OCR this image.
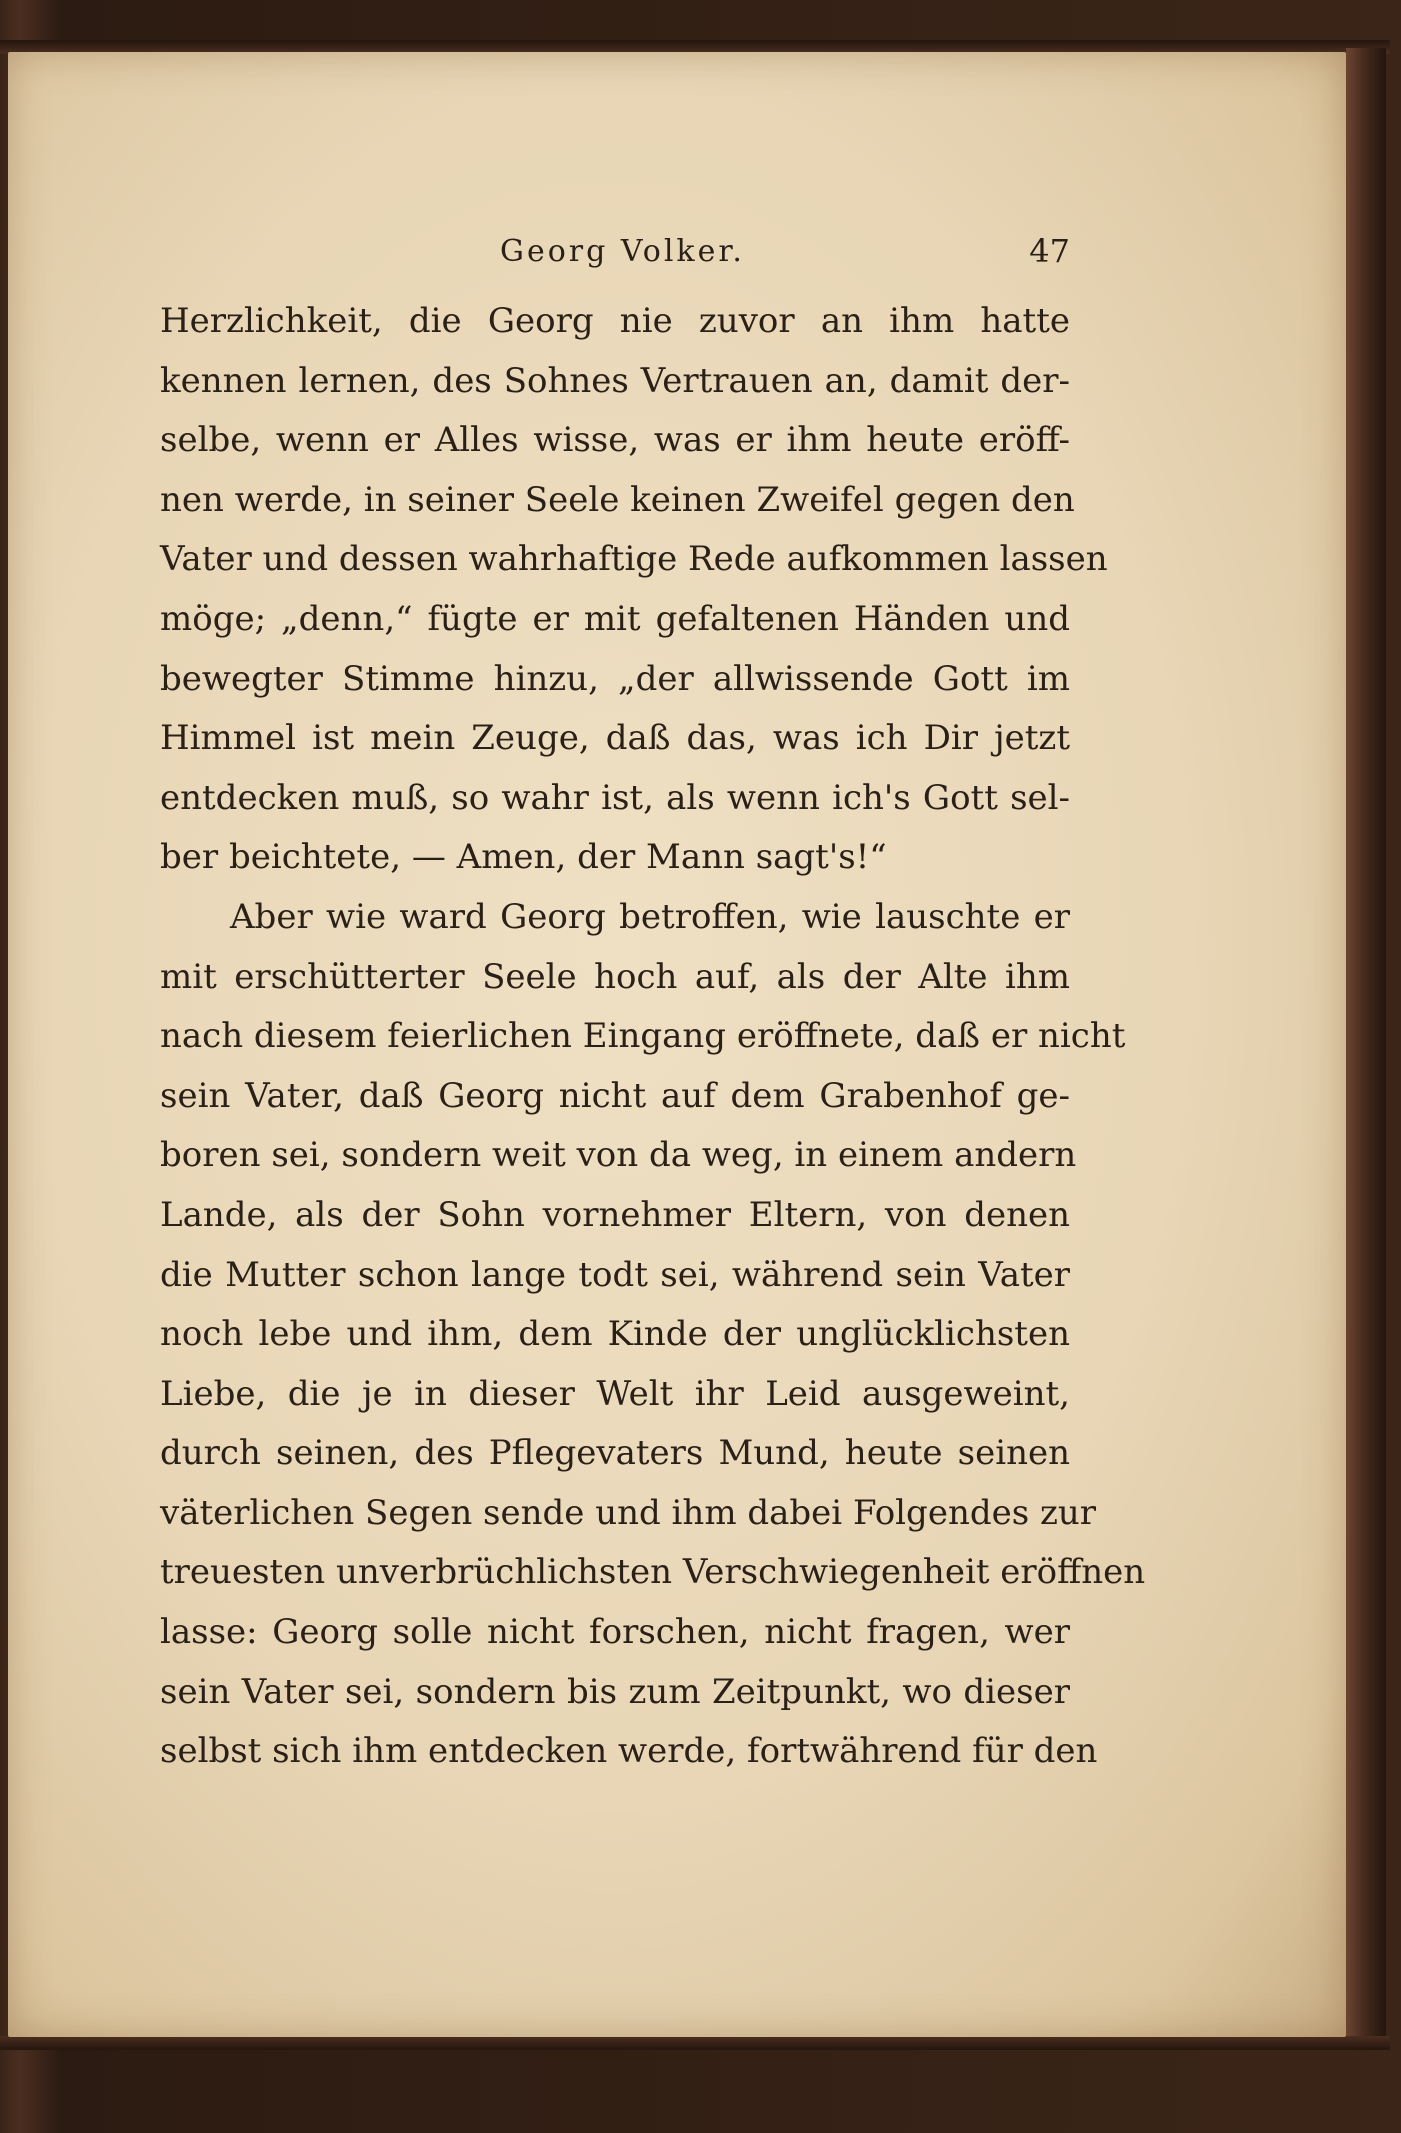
Georg Volker.	47
Herzlichkeit, die Georg nie zuvor an ihm hatte
kennen lernen, des Sohnes Vertrauen an, damit der-
selbe, wenn er Alles wisse, was er ihm heute eröff-
nen werde, in seiner Seele keinen Zweifel gegen den
Vater und dessen wahrhaftige Rede aufkommen lassen
möge; „denn,“ fügte er mit gefaltenen Händen und
bewegter Stimme hinzu, „der allwissende Gott im
Himmel ist mein Zeuge, daß das, was ich Dir jetzt
entdecken muß, so wahr ist, als wenn ich's Gott sel-
ber beichtete, — Amen, der Mann sagt's!“
Aber wie ward Georg betroffen, wie lauschte er
mit erschütterter Seele hoch auf, als der Alte ihm
nach diesem feierlichen Eingang eröffnete, daß er nicht
sein Vater, daß Georg nicht auf dem Grabenhof ge-
boren sei, sondern weit von da weg, in einem andern
Lande, als der Sohn vornehmer Eltern, von denen
die Mutter schon lange todt sei, während sein Vater
noch lebe und ihm, dem Kinde der unglücklichsten
Liebe, die je in dieser Welt ihr Leid ausgeweint,
durch seinen, des Pflegevaters Mund, heute seinen
väterlichen Segen sende und ihm dabei Folgendes zur
treuesten unverbrüchlichsten Verschwiegenheit eröffnen
lasse: Georg solle nicht forschen, nicht fragen, wer
sein Vater sei, sondern bis zum Zeitpunkt, wo dieser
selbst sich ihm entdecken werde, fortwährend für den
